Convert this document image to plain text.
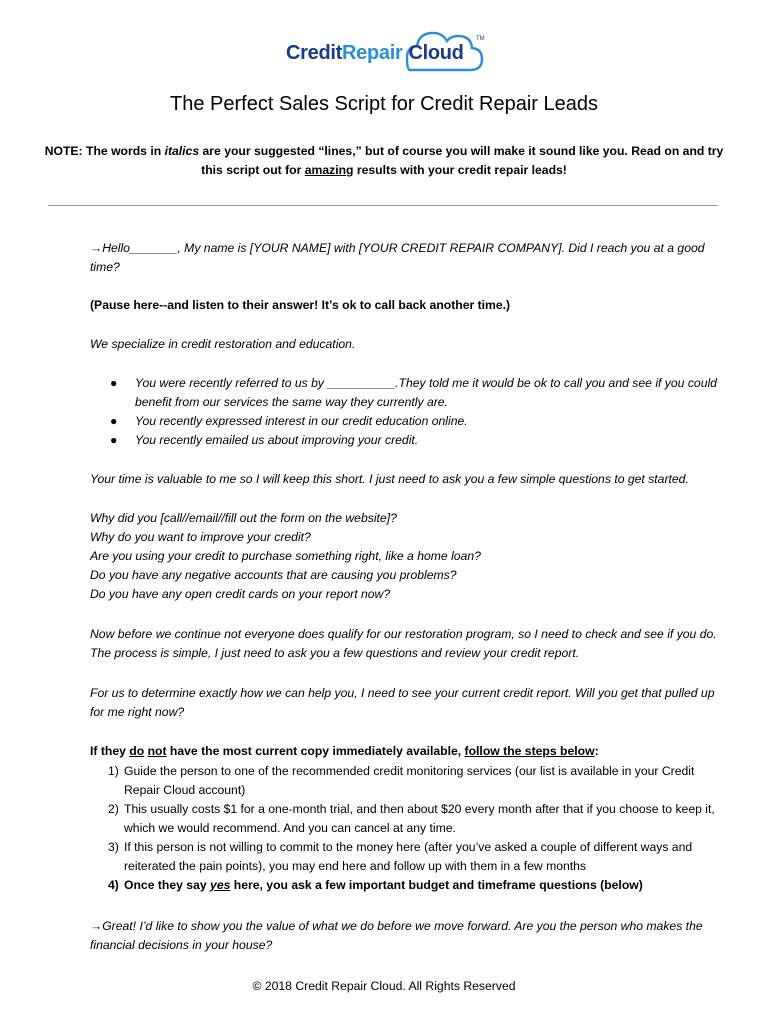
CreditRepair Cloud
TM
The Perfect Sales Script for Credit Repair Leads
NOTE: The words in italics are your suggested “lines,” but of course you will make it sound like you. Read on and try this script out for amazing results with your credit repair leads!
→Hello_______, My name is [YOUR NAME] with [YOUR CREDIT REPAIR COMPANY]. Did I reach you at a good time?
(Pause here--and listen to their answer! It’s ok to call back another time.)
We specialize in credit restoration and education.
● You were recently referred to us by __________.They told me it would be ok to call you and see if you could benefit from our services the same way they currently are.
● You recently expressed interest in our credit education online.
● You recently emailed us about improving your credit.
Your time is valuable to me so I will keep this short. I just need to ask you a few simple questions to get started.
Why did you [call//email//fill out the form on the website]?
Why do you want to improve your credit?
Are you using your credit to purchase something right, like a home loan?
Do you have any negative accounts that are causing you problems?
Do you have any open credit cards on your report now?
Now before we continue not everyone does qualify for our restoration program, so I need to check and see if you do. The process is simple, I just need to ask you a few questions and review your credit report.
For us to determine exactly how we can help you, I need to see your current credit report. Will you get that pulled up for me right now?
If they do not have the most current copy immediately available, follow the steps below:
1) Guide the person to one of the recommended credit monitoring services (our list is available in your Credit Repair Cloud account)
2) This usually costs $1 for a one-month trial, and then about $20 every month after that if you choose to keep it, which we would recommend. And you can cancel at any time.
3) If this person is not willing to commit to the money here (after you’ve asked a couple of different ways and reiterated the pain points), you may end here and follow up with them in a few months
4) Once they say yes here, you ask a few important budget and timeframe questions (below)
→Great! I’d like to show you the value of what we do before we move forward. Are you the person who makes the financial decisions in your house?
© 2018 Credit Repair Cloud. All Rights Reserved
